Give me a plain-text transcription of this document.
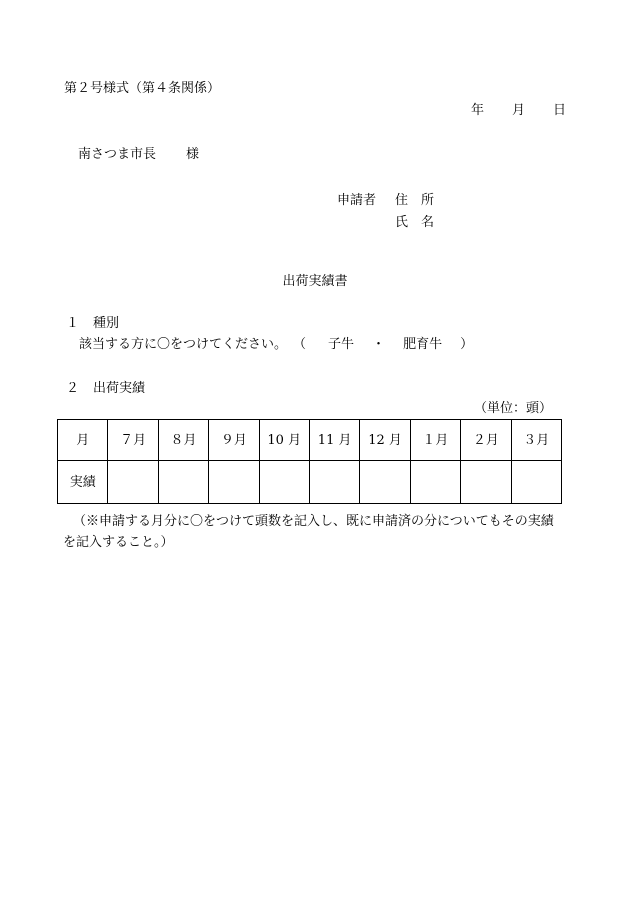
第２号様式（第４条関係）
年 月 日
南さつま市長 様
申請者	住　所
氏　名
出荷実績書
１	種別
該当する方に〇をつけてください。 （ 子牛 ・ 肥育牛 ）
２	出荷実績
（単位：頭）
月	７月	８月	９月	10 月	11 月	12 月	１月	２月	３月
実績									
（※申請する月分に〇をつけて頭数を記入し、既に申請済の分についてもその実績を記入すること。）
